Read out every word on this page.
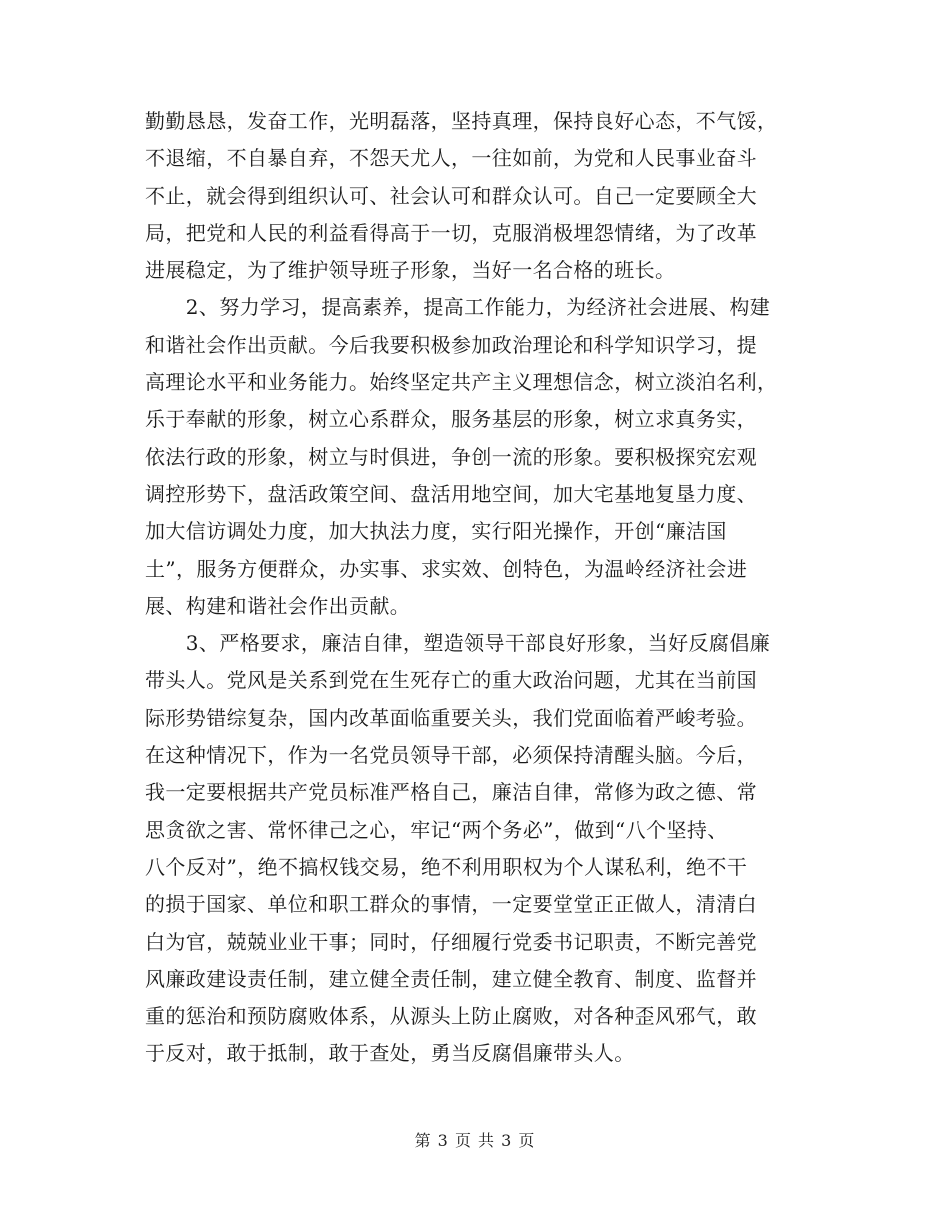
勤勤恳恳，发奋工作，光明磊落，坚持真理，保持良好心态，不气馁，
不退缩，不自暴自弃，不怨天尤人，一往如前，为党和人民事业奋斗
不止，就会得到组织认可、社会认可和群众认可。自己一定要顾全大
局，把党和人民的利益看得高于一切，克服消极埋怨情绪，为了改革
进展稳定，为了维护领导班子形象，当好一名合格的班长。
　　2、努力学习，提高素养，提高工作能力，为经济社会进展、构建
和谐社会作出贡献。今后我要积极参加政治理论和科学知识学习，提
高理论水平和业务能力。始终坚定共产主义理想信念，树立淡泊名利，
乐于奉献的形象，树立心系群众，服务基层的形象，树立求真务实，
依法行政的形象，树立与时俱进，争创一流的形象。要积极探究宏观
调控形势下，盘活政策空间、盘活用地空间，加大宅基地复垦力度、
加大信访调处力度，加大执法力度，实行阳光操作，开创“廉洁国
土”，服务方便群众，办实事、求实效、创特色，为温岭经济社会进
展、构建和谐社会作出贡献。
　　3、严格要求，廉洁自律，塑造领导干部良好形象，当好反腐倡廉
带头人。党风是关系到党在生死存亡的重大政治问题，尤其在当前国
际形势错综复杂，国内改革面临重要关头，我们党面临着严峻考验。
在这种情况下，作为一名党员领导干部，必须保持清醒头脑。今后，
我一定要根据共产党员标准严格自己，廉洁自律，常修为政之德、常
思贪欲之害、常怀律己之心，牢记“两个务必”，做到“八个坚持、
八个反对”，绝不搞权钱交易，绝不利用职权为个人谋私利，绝不干
的损于国家、单位和职工群众的事情，一定要堂堂正正做人，清清白
白为官，兢兢业业干事；同时，仔细履行党委书记职责，不断完善党
风廉政建设责任制，建立健全责任制，建立健全教育、制度、监督并
重的惩治和预防腐败体系，从源头上防止腐败，对各种歪风邪气，敢
于反对，敢于抵制，敢于查处，勇当反腐倡廉带头人。
第 3 页 共 3 页
